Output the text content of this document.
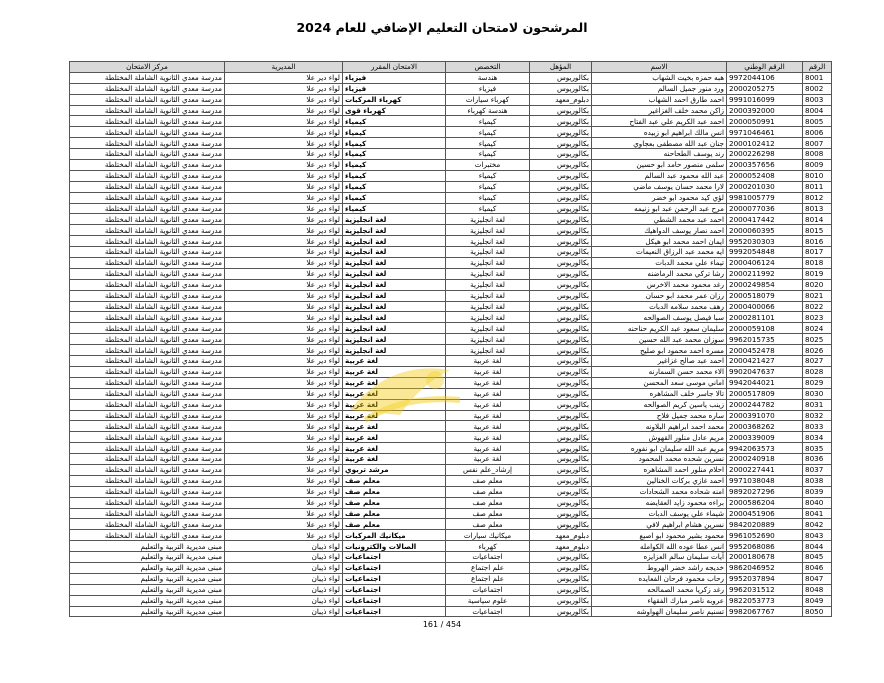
المرشحون لامتحان التعليم الإضافي للعام 2024
الرقم	الرقم الوطني	الاسم	المؤهل	التخصص	الامتحان المقرر	المديرية	مركز الامتحان
8001	9972044106	هبه حمزه بخيت الشهاب	بكالوريوس	هندسة	فيزياء	لواء دير علا	مدرسة معدي الثانوية الشاملة المختلطة
8002	2000205275	ورد منور جميل السالم	بكالوريوس	فيزياء	فيزياء	لواء دير علا	مدرسة معدي الثانوية الشاملة المختلطة
8003	9991016099	احمد طارق احمد الشهاب	دبلوم_معهد	كهرباء سيارات	كهرباء المركبات	لواء دير علا	مدرسة معدي الثانوية الشاملة المختلطة
8004	2000392000	زاكن محمد خلف الغزاغير	بكالوريوس	هندسة كهرباء	كهرباء قوى	لواء دير علا	مدرسة معدي الثانوية الشاملة المختلطة
8005	2000050991	احمد عبد الكريم علي عبد الفتاح	بكالوريوس	كيمياء	كيمياء	لواء دير علا	مدرسة معدي الثانوية الشاملة المختلطة
8006	9971046461	انس مالك ابراهيم ابو زبيده	بكالوريوس	كيمياء	كيمياء	لواء دير علا	مدرسة معدي الثانوية الشاملة المختلطة
8007	2000102412	جنان عبد الله مصطفى بعجاوي	بكالوريوس	كيمياء	كيمياء	لواء دير علا	مدرسة معدي الثانوية الشاملة المختلطة
8008	2000226298	رند يوسف الطحاحنه	بكالوريوس	كيمياء	كيمياء	لواء دير علا	مدرسة معدي الثانوية الشاملة المختلطة
8009	2000357656	سلمى منصور حامد ابو حسين	بكالوريوس	مختبرات	كيمياء	لواء دير علا	مدرسة معدي الثانوية الشاملة المختلطة
8010	2000052408	عبد الله محمود عبد السالم	بكالوريوس	كيمياء	كيمياء	لواء دير علا	مدرسة معدي الثانوية الشاملة المختلطة
8011	2000201030	لارا محمد حسان يوسف ماضي	بكالوريوس	كيمياء	كيمياء	لواء دير علا	مدرسة معدي الثانوية الشاملة المختلطة
8012	9981005779	لؤي كيد محمود ابو خضر	بكالوريوس	كيمياء	كيمياء	لواء دير علا	مدرسة معدي الثانوية الشاملة المختلطة
8013	2000077036	مرح عبد الرحمن عبد ابو زنيمه	بكالوريوس	كيمياء	كيمياء	لواء دير علا	مدرسة معدي الثانوية الشاملة المختلطة
8014	2000417442	احمد عبد محمد الشطي	بكالوريوس	لغة انجليزية	لغة انجليزية	لواء دير علا	مدرسة معدي الثانوية الشاملة المختلطة
8015	2000060395	احمد نصار يوسف الدواهيك	بكالوريوس	لغة انجليزية	لغة انجليزية	لواء دير علا	مدرسة معدي الثانوية الشاملة المختلطة
8016	9952030303	ايمان احمد محمد ابو هيكل	بكالوريوس	لغة انجليزية	لغة انجليزية	لواء دير علا	مدرسة معدي الثانوية الشاملة المختلطة
8017	9992054848	ايه محمد عبد الرزاق النعيمات	بكالوريوس	لغة انجليزية	لغة انجليزية	لواء دير علا	مدرسة معدي الثانوية الشاملة المختلطة
8018	2000406124	تيماء علي محمد الدبات	بكالوريوس	لغة انجليزية	لغة انجليزية	لواء دير علا	مدرسة معدي الثانوية الشاملة المختلطة
8019	2000211992	رشا تركي محمد الرماضنه	بكالوريوس	لغة انجليزية	لغة انجليزية	لواء دير علا	مدرسة معدي الثانوية الشاملة المختلطة
8020	2000249854	رغد محمود محمد الاخرس	بكالوريوس	لغة انجليزية	لغة انجليزية	لواء دير علا	مدرسة معدي الثانوية الشاملة المختلطة
8021	2000518079	رزان عمر محمد ابو حسان	بكالوريوس	لغة انجليزية	لغة انجليزية	لواء دير علا	مدرسة معدي الثانوية الشاملة المختلطة
8022	2000400066	رهف محمد سلامه الدبات	بكالوريوس	لغة انجليزية	لغة انجليزية	لواء دير علا	مدرسة معدي الثانوية الشاملة المختلطة
8023	2000281101	سبا فيصل يوسف الصوالحه	بكالوريوس	لغة انجليزية	لغة انجليزية	لواء دير علا	مدرسة معدي الثانوية الشاملة المختلطة
8024	2000059108	سليمان سعود عبد الكريم حناحنه	بكالوريوس	لغة انجليزية	لغة انجليزية	لواء دير علا	مدرسة معدي الثانوية الشاملة المختلطة
8025	9962015735	سوزان محمد عبد الله حسين	بكالوريوس	لغة انجليزية	لغة انجليزية	لواء دير علا	مدرسة معدي الثانوية الشاملة المختلطة
8026	2000452478	مسره احمد محمود ابو صليح	بكالوريوس	لغة انجليزية	لغة انجليزية	لواء دير علا	مدرسة معدي الثانوية الشاملة المختلطة
8027	2000421427	احمد عبد صالح غزاغير	بكالوريوس	لغة عربية	لغة عربية	لواء دير علا	مدرسة معدي الثانوية الشاملة المختلطة
8028	9902047637	الاء محمد حسن السمارنه	بكالوريوس	لغة عربية	لغة عربية	لواء دير علا	مدرسة معدي الثانوية الشاملة المختلطة
8029	9942044021	اماني موسى سعد المحسن	بكالوريوس	لغة عربية	لغة عربية	لواء دير علا	مدرسة معدي الثانوية الشاملة المختلطة
8030	2000517809	تالا جاسر خلف المشاهره	بكالوريوس	لغة عربية	لغة عربية	لواء دير علا	مدرسة معدي الثانوية الشاملة المختلطة
8031	2000244782	زينب ياسين كريم الصوالحه	بكالوريوس	لغة عربية	لغة عربية	لواء دير علا	مدرسة معدي الثانوية الشاملة المختلطة
8032	2000391070	ساره محمد جميل فلاح	بكالوريوس	لغة عربية	لغة عربية	لواء دير علا	مدرسة معدي الثانوية الشاملة المختلطة
8033	2000368262	محمد احمد ابراهيم البلاونه	بكالوريوس	لغة عربية	لغة عربية	لواء دير علا	مدرسة معدي الثانوية الشاملة المختلطة
8034	2000339009	مريم عادل منلور القهوش	بكالوريوس	لغة عربية	لغة عربية	لواء دير علا	مدرسة معدي الثانوية الشاملة المختلطة
8035	9942063573	مريم عبد الله سليمان ابو نفوره	بكالوريوس	لغة عربية	لغة عربية	لواء دير علا	مدرسة معدي الثانوية الشاملة المختلطة
8036	2000240918	نسرين شحده محمد المحمود	بكالوريوس	لغة عربية	لغة عربية	لواء دير علا	مدرسة معدي الثانوية الشاملة المختلطة
8037	2000227441	احلام منلور احمد المشاهره	بكالوريوس	إرشاد_علم نفس	مرشد تربوي	لواء دير علا	مدرسة معدي الثانوية الشاملة المختلطة
8038	9971038048	احمد غازي بركات الخنالين	بكالوريوس	معلم صف	معلم صف	لواء دير علا	مدرسة معدي الثانوية الشاملة المختلطة
8039	9892027296	امنه شحاده محمد الشحادات	بكالوريوس	معلم صف	معلم صف	لواء دير علا	مدرسة معدي الثانوية الشاملة المختلطة
8040	2000586204	براءه محمود زايد العقايضه	بكالوريوس	معلم صف	معلم صف	لواء دير علا	مدرسة معدي الثانوية الشاملة المختلطة
8041	2000451906	شيماء علي يوسف الدبات	بكالوريوس	معلم صف	معلم صف	لواء دير علا	مدرسة معدي الثانوية الشاملة المختلطة
8042	9842020889	نسرين هشام ابراهيم لافي	بكالوريوس	معلم صف	معلم صف	لواء دير علا	مدرسة معدي الثانوية الشاملة المختلطة
8043	9961052690	محمود بشير محمود ابو اصبع	دبلوم_معهد	ميكانيك سيارات	ميكانيك المركبات	لواء دير علا	مدرسة معدي الثانوية الشاملة المختلطة
8044	9952068086	انس عطا عوده الله الكوامله	دبلوم_معهد	كهرباء	الصالات والكترونيات	لواء ذيبان	مبنى مديرية التربية والتعليم
8045	2000180678	آيات سليمان سالم العزايزه	بكالوريوس	اجتماعيات	اجتماعيات	لواء ذيبان	مبنى مديرية التربية والتعليم
8046	9862046952	خديجه راشد خضر الهروط	بكالوريوس	علم اجتماع	اجتماعيات	لواء ذيبان	مبنى مديرية التربية والتعليم
8047	9952037894	رحاب محمود فرحان الفعايده	بكالوريوس	علم اجتماع	اجتماعيات	لواء ذيبان	مبنى مديرية التربية والتعليم
8048	9962031512	رغد زكريا محمد الصمالحه	بكالوريوس	اجتماعيات	اجتماعيات	لواء ذيبان	مبنى مديرية التربية والتعليم
8049	9822053773	عروبه ناصر مبارك الفقهاء	بكالوريوس	علوم سياسية	اجتماعيات	لواء ذيبان	مبنى مديرية التربية والتعليم
8050	9982067767	تسنيم ناصر سليمان الهواوشه	بكالوريوس	اجتماعيات	اجتماعيات	لواء ذيبان	مبنى مديرية التربية والتعليم
161 / 454
